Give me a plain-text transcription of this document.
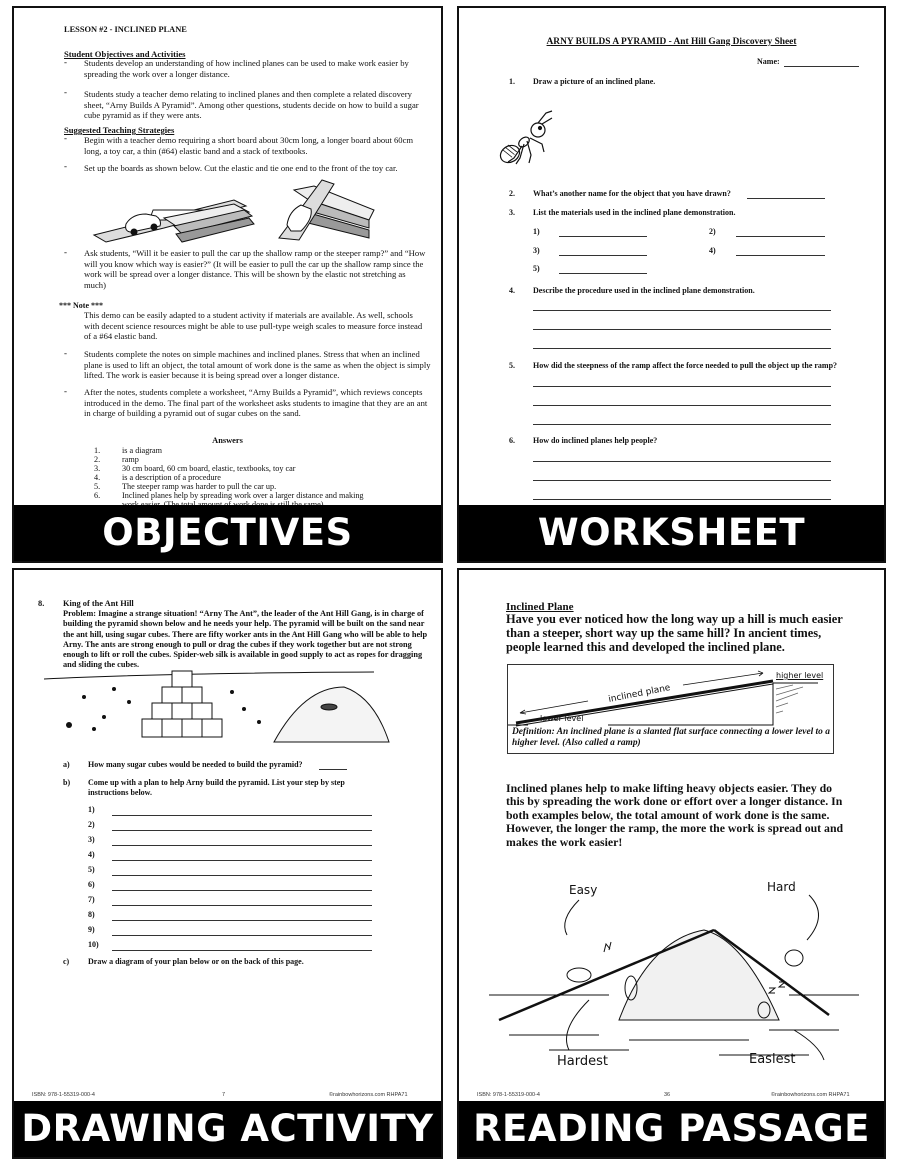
LESSON #2 - INCLINED PLANE
Student Objectives and Activities
- Students develop an understanding of how inclined planes can be used to make work easier by spreading the work over a longer distance.
- Students study a teacher demo relating to inclined planes and then complete a related discovery sheet, “Arny Builds A Pyramid”. Among other questions, students decide on how to build a sugar cube pyramid as if they were ants.
Suggested Teaching Strategies
- Begin with a teacher demo requiring a short board about 30cm long, a longer board about 60cm long, a toy car, a thin (#64) elastic band and a stack of textbooks.
- Set up the boards as shown below. Cut the elastic and tie one end to the front of the toy car.
- Ask students, “Will it be easier to pull the car up the shallow ramp or the steeper ramp?” and “How will you know which way is easier?” (It will be easier to pull the car up the shallow ramp since the work will be spread over a longer distance. This will be shown by the elastic not stretching as much)
*** Note ***
This demo can be easily adapted to a student activity if materials are available. As well, schools with decent science resources might be able to use pull-type weigh scales to measure force instead of a #64 elastic band.
- Students complete the notes on simple machines and inclined planes. Stress that when an inclined plane is used to lift an object, the total amount of work done is the same as when the object is simply lifted. The work is easier because it is being spread over a longer distance.
- After the notes, students complete a worksheet, “Arny Builds a Pyramid”, which reviews concepts introduced in the demo. The final part of the worksheet asks students to imagine that they are an ant in charge of building a pyramid out of sugar cubes on the sand.
Answers
1.	is a diagram
2.	ramp
3.	30 cm board, 60 cm board, elastic, textbooks, toy car
4.	is a description of a procedure
5.	The steeper ramp was harder to pull the car up.
6.	Inclined planes help by spreading work over a larger distance and making
OBJECTIVES
ARNY BUILDS A PYRAMID - Ant Hill Gang Discovery Sheet
Name:
1. Draw a picture of an inclined plane.
2. What’s another name for the object that you have drawn?
3. List the materials used in the inclined plane demonstration.
1)	2)
3)	4)
5)
4. Describe the procedure used in the inclined plane demonstration.
5. How did the steepness of the ramp affect the force needed to pull the object up the ramp?
6. How do inclined planes help people?
WORKSHEET
8. King of the Ant Hill
Problem: Imagine a strange situation! “Arny The Ant”, the leader of the Ant Hill Gang, is in charge of building the pyramid shown below and he needs your help. The pyramid will be built on the sand near the ant hill, using sugar cubes. There are fifty worker ants in the Ant Hill Gang who will be able to help Arny. The ants are strong enough to pull or drag the cubes if they work together but are not strong enough to lift or roll the cubes. Spider-web silk is available in good supply to act as ropes for dragging and sliding the cubes.
a) How many sugar cubes would be needed to build the pyramid?
b) Come up with a plan to help Arny build the pyramid. List your step by step instructions below.
1)
2)
3)
4)
5)
6)
7)
8)
9)
10)
c) Draw a diagram of your plan below or on the back of this page.
ISBN: 978-1-55319-000-4	7	©rainbowhorizons.com RHPA71
DRAWING ACTIVITY
Inclined Plane
Have you ever noticed how the long way up a hill is much easier than a steeper, short way up the same hill? In ancient times, people learned this and developed the inclined plane.
inclined plane
higher level
lower level
Definition: An inclined plane is a slanted flat surface connecting a lower level to a higher level. (Also called a ramp)
Inclined planes help to make lifting heavy objects easier. They do this by spreading the work done or effort over a longer distance. In both examples below, the total amount of work done is the same. However, the longer the ramp, the more the work is spread out and makes the work easier!
Easy	Hard
Hardest	Easiest
ISBN: 978-1-55319-000-4	36	©rainbowhorizons.com RHPA71
READING PASSAGE
